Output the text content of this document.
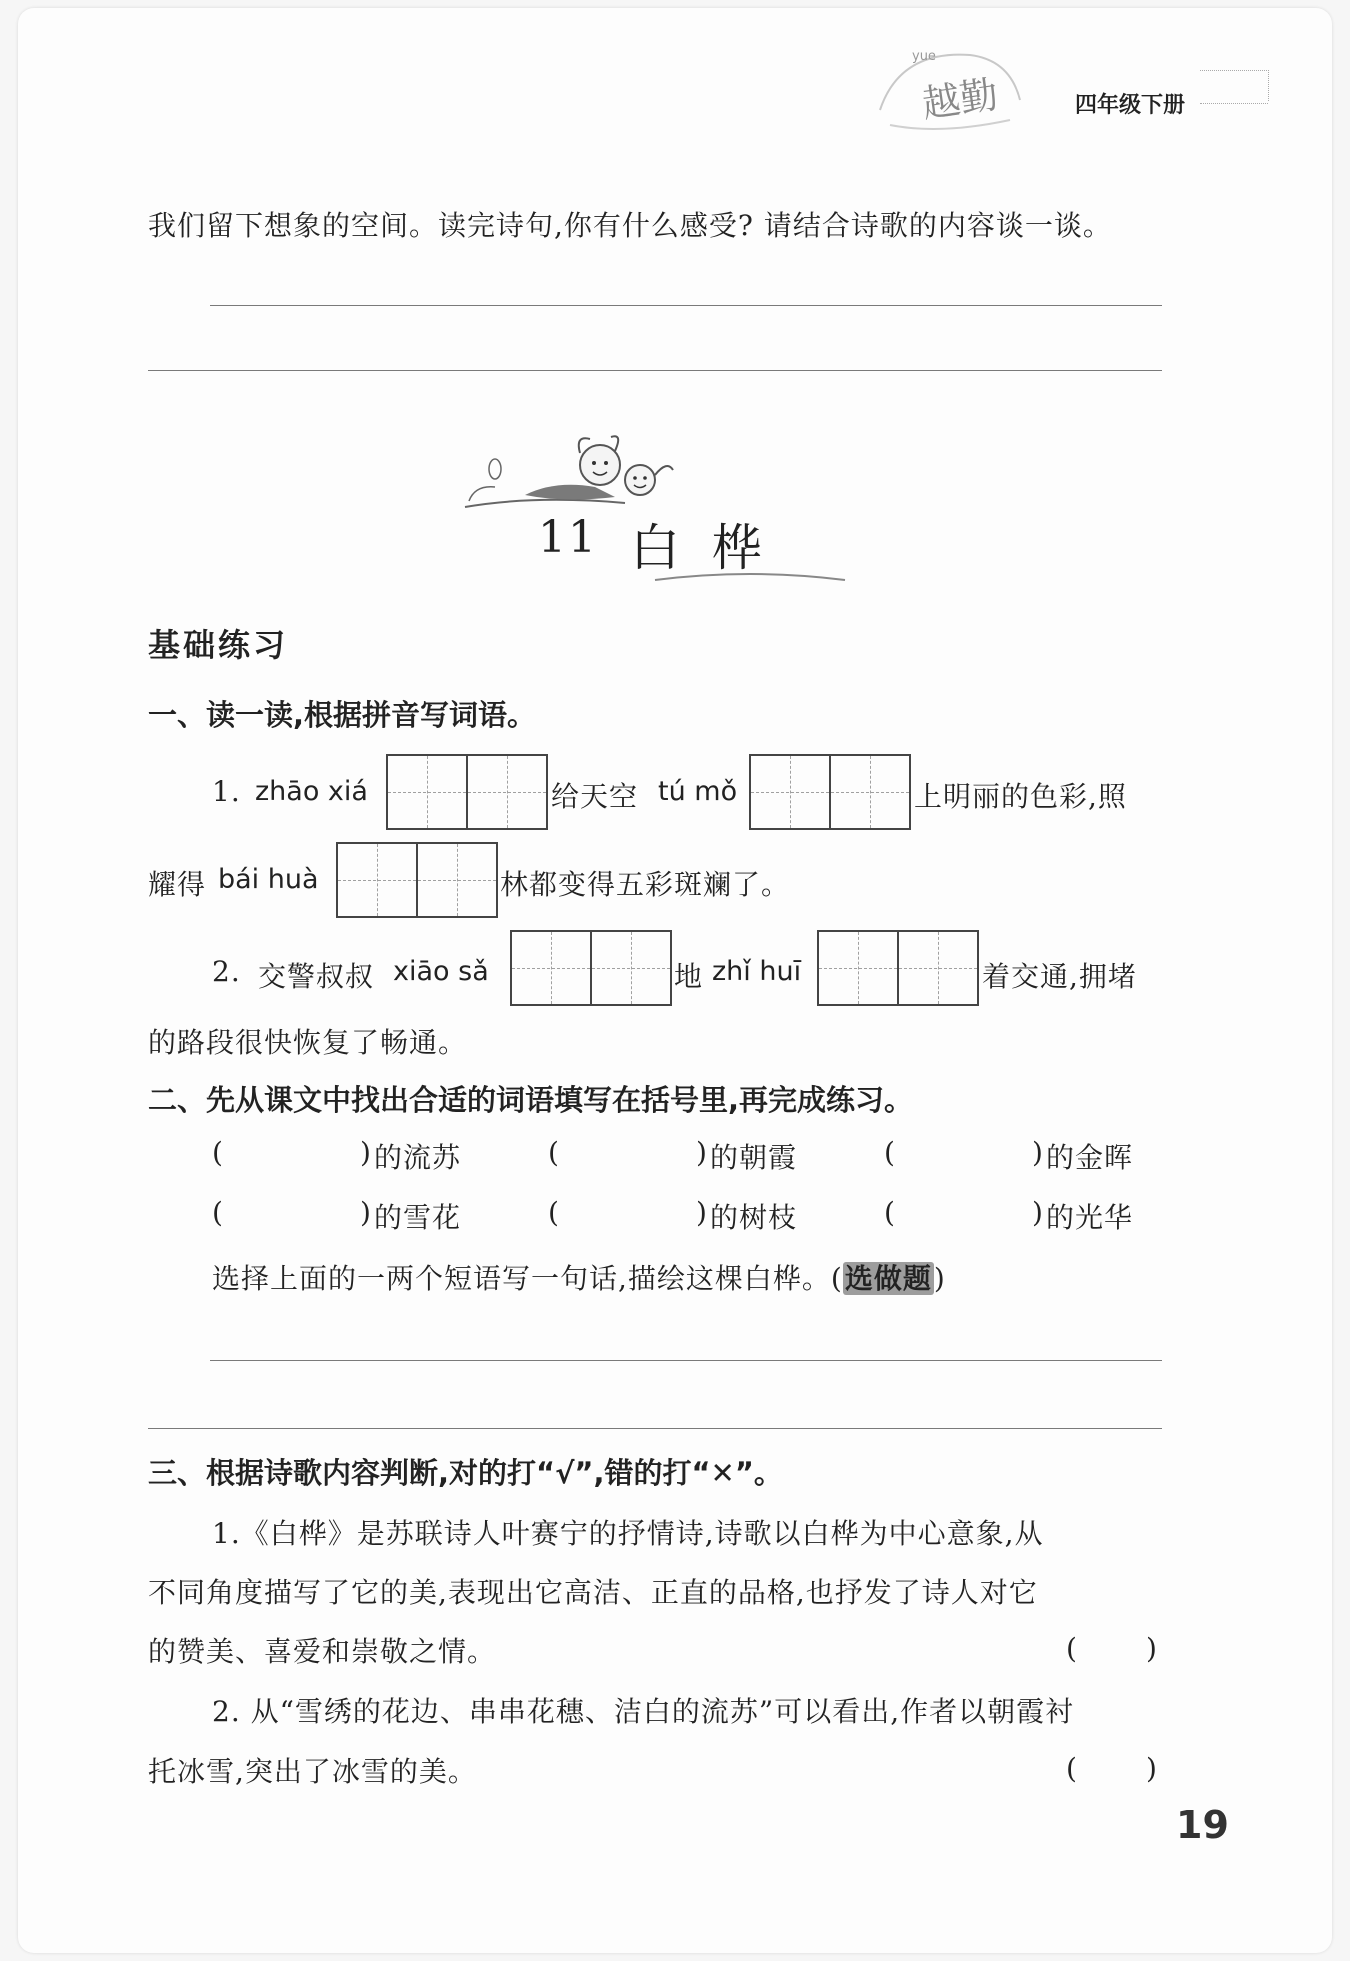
yue
越勤	四年级下册
我们留下想象的空间。读完诗句,你有什么感受? 请结合诗歌的内容谈一谈。
11 白  桦
基础练习
一、读一读,根据拼音写词语。
1. zhāo xiá	给天空 tú mǒ	上明丽的色彩,照
耀得 bái huà	林都变得五彩斑斓了。
2. 交警叔叔 xiāo sǎ	地 zhǐ huī	着交通,拥堵
的路段很快恢复了畅通。
二、先从课文中找出合适的词语填写在括号里,再完成练习。
(	) 的流苏	(	) 的朝霞	(	) 的金晖
(	) 的雪花	(	) 的树枝	(	) 的光华
选择上面的一两个短语写一句话,描绘这棵白桦。(选做题)
三、根据诗歌内容判断,对的打“√”,错的打“✕”。
1.《白桦》是苏联诗人叶赛宁的抒情诗,诗歌以白桦为中心意象,从
不同角度描写了它的美,表现出它高洁、正直的品格,也抒发了诗人对它
的赞美、喜爱和崇敬之情。	( )
2. 从“雪绣的花边、串串花穗、洁白的流苏”可以看出,作者以朝霞衬
托冰雪,突出了冰雪的美。	( )
19
